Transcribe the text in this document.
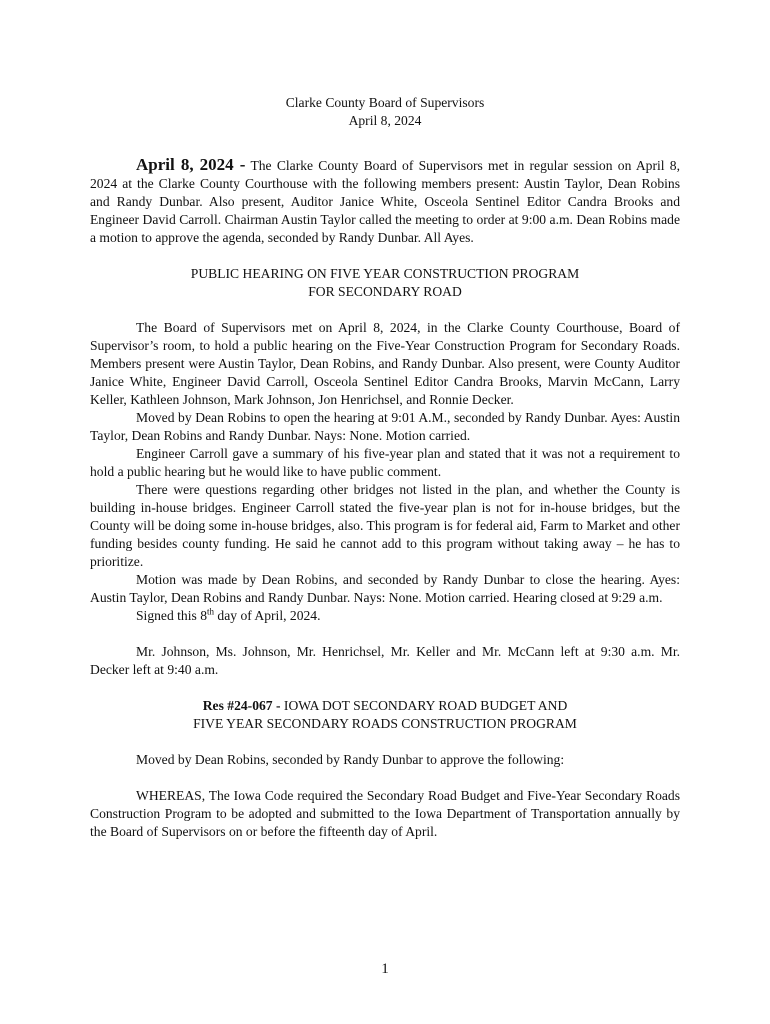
Clarke County Board of Supervisors

April 8, 2024

April 8, 2024 - The Clarke County Board of Supervisors met in regular session on April 8, 2024 at the Clarke County Courthouse with the following members present: Austin Taylor, Dean Robins and Randy Dunbar. Also present, Auditor Janice White, Osceola Sentinel Editor Candra Brooks and Engineer David Carroll. Chairman Austin Taylor called the meeting to order at 9:00 a.m. Dean Robins made a motion to approve the agenda, seconded by Randy Dunbar. All Ayes.

PUBLIC HEARING ON FIVE YEAR CONSTRUCTION PROGRAM

FOR SECONDARY ROAD

The Board of Supervisors met on April 8, 2024, in the Clarke County Courthouse, Board of Supervisor’s room, to hold a public hearing on the Five-Year Construction Program for Secondary Roads. Members present were Austin Taylor, Dean Robins, and Randy Dunbar. Also present, were County Auditor Janice White, Engineer David Carroll, Osceola Sentinel Editor Candra Brooks, Marvin McCann, Larry Keller, Kathleen Johnson, Mark Johnson, Jon Henrichsel, and Ronnie Decker.

Moved by Dean Robins to open the hearing at 9:01 A.M., seconded by Randy Dunbar. Ayes: Austin Taylor, Dean Robins and Randy Dunbar. Nays: None. Motion carried.

Engineer Carroll gave a summary of his five-year plan and stated that it was not a requirement to hold a public hearing but he would like to have public comment.

There were questions regarding other bridges not listed in the plan, and whether the County is building in-house bridges. Engineer Carroll stated the five-year plan is not for in-house bridges, but the County will be doing some in-house bridges, also. This program is for federal aid, Farm to Market and other funding besides county funding. He said he cannot add to this program without taking away – he has to prioritize.

Motion was made by Dean Robins, and seconded by Randy Dunbar to close the hearing. Ayes: Austin Taylor, Dean Robins and Randy Dunbar. Nays: None. Motion carried. Hearing closed at 9:29 a.m.

Signed this 8th day of April, 2024.

Mr. Johnson, Ms. Johnson, Mr. Henrichsel, Mr. Keller and Mr. McCann left at 9:30 a.m. Mr. Decker left at 9:40 a.m.

Res #24-067 - IOWA DOT SECONDARY ROAD BUDGET AND

FIVE YEAR SECONDARY ROADS CONSTRUCTION PROGRAM

Moved by Dean Robins, seconded by Randy Dunbar to approve the following:

WHEREAS, The Iowa Code required the Secondary Road Budget and Five-Year Secondary Roads Construction Program to be adopted and submitted to the Iowa Department of Transportation annually by the Board of Supervisors on or before the fifteenth day of April.

1
